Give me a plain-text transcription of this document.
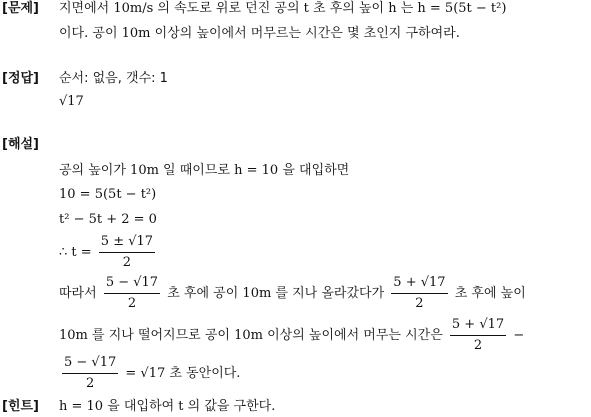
[문제] 지면에서 10m/s 의 속도로 위로 던진 공의 t 초 후의 높이 h 는 h = 5(5t − t²)
이다. 공이 10m 이상의 높이에서 머무르는 시간은 몇 초인지 구하여라.
[정답] 순서: 없음, 갯수: 1
√17
[해설]
공의 높이가 10m 일 때이므로 h = 10 을 대입하면
10 = 5(5t − t²)
t² − 5t + 2 = 0
∴ $t = \frac{5 \pm √17}{2}$
따라서 $\frac{5 - √17}{2}$ 초 후에 공이 10m 를 지나 올라갔다가 $\frac{5 + √17}{2}$ 초 후에 높이
10m 를 지나 떨어지므로 공이 10m 이상의 높이에서 머무는 시간은 $\frac{5 + √17}{2}$ −
$\frac{5 - √17}{2} = √17$ 초 동안이다.
[힌트] h = 10 을 대입하여 t 의 값을 구한다.
